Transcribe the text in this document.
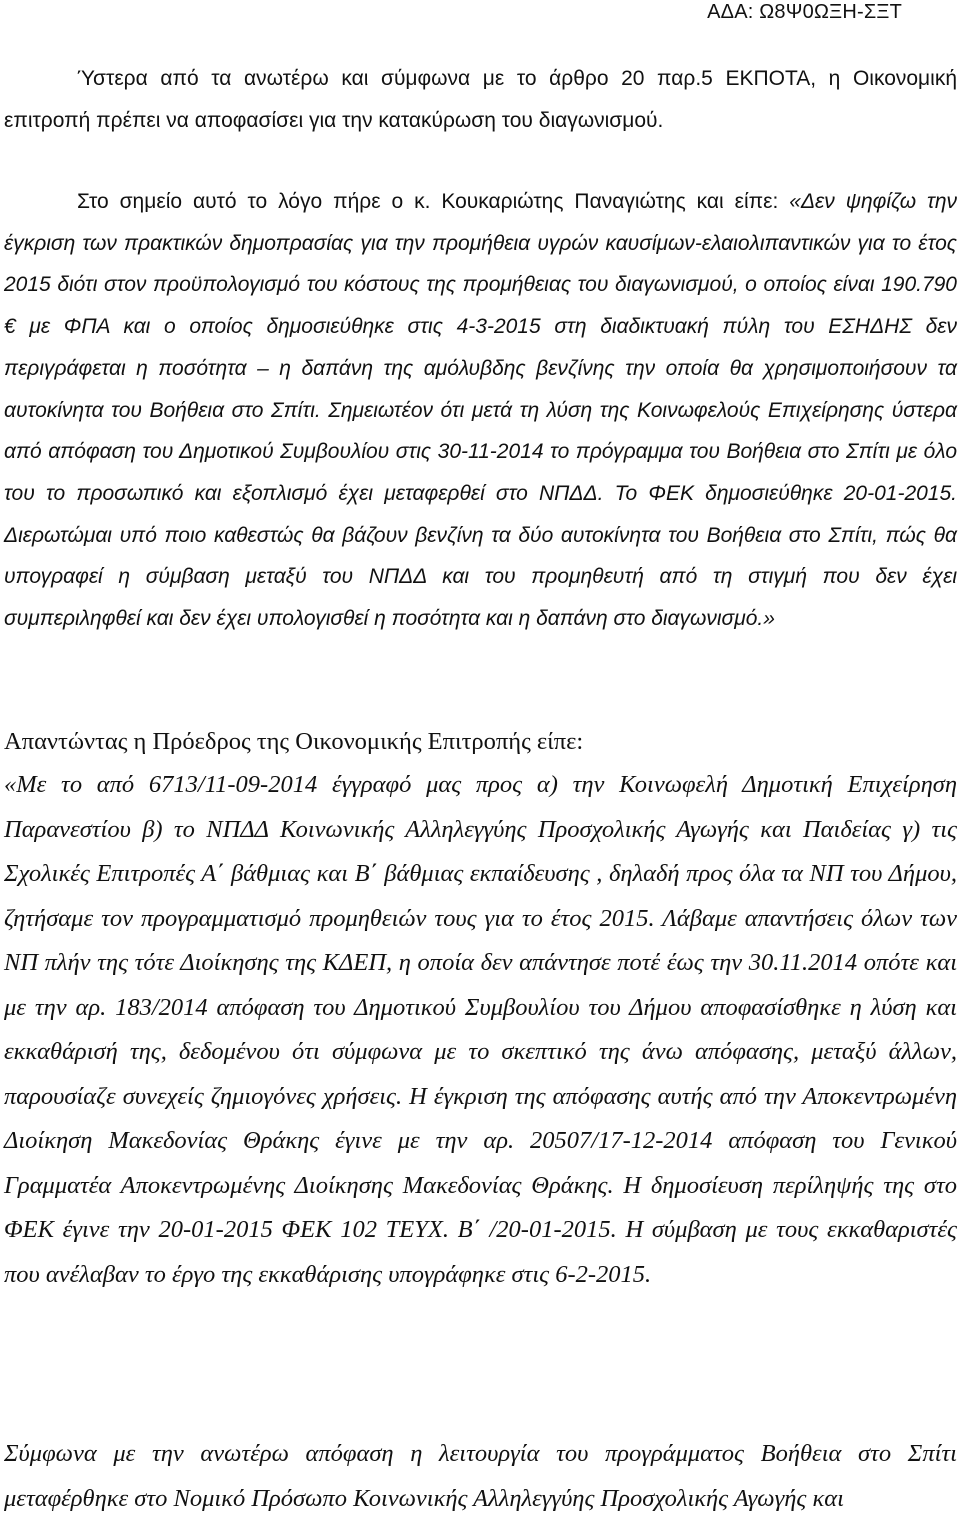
ΑΔΑ: Ω8Ψ0ΩΞΗ-ΣΞΤ

Ύστερα από τα ανωτέρω και σύμφωνα με το άρθρο 20 παρ.5 ΕΚΠΟΤΑ, η Οικονομική επιτροπή πρέπει να αποφασίσει για την κατακύρωση του διαγωνισμού.

Στο σημείο αυτό το λόγο πήρε ο κ. Κουκαριώτης Παναγιώτης και είπε: «Δεν ψηφίζω την έγκριση των πρακτικών δημοπρασίας για την προμήθεια υγρών καυσίμων-ελαιολιπαντικών για το έτος 2015 διότι στον προϋπολογισμό του κόστους της προμήθειας του διαγωνισμού, ο οποίος είναι 190.790 € με ΦΠΑ και ο οποίος δημοσιεύθηκε στις 4-3-2015 στη διαδικτυακή πύλη του ΕΣΗΔΗΣ δεν περιγράφεται η ποσότητα – η δαπάνη της αμόλυβδης βενζίνης την οποία θα χρησιμοποιήσουν τα αυτοκίνητα του Βοήθεια στο Σπίτι. Σημειωτέον ότι μετά τη λύση της Κοινωφελούς Επιχείρησης ύστερα από απόφαση του Δημοτικού Συμβουλίου στις 30-11-2014 το πρόγραμμα του Βοήθεια στο Σπίτι με όλο του το προσωπικό και εξοπλισμό έχει μεταφερθεί στο ΝΠΔΔ. Το ΦΕΚ δημοσιεύθηκε 20-01-2015. Διερωτώμαι υπό ποιο καθεστώς θα βάζουν βενζίνη τα δύο αυτοκίνητα του Βοήθεια στο Σπίτι, πώς θα υπογραφεί η σύμβαση μεταξύ του ΝΠΔΔ και του προμηθευτή από τη στιγμή που δεν έχει συμπεριληφθεί και δεν έχει υπολογισθεί η ποσότητα και η δαπάνη στο διαγωνισμό.»

Απαντώντας η Πρόεδρος της Οικονομικής Επιτροπής είπε:

«Με το από 6713/11-09-2014 έγγραφό μας προς α) την Κοινωφελή Δημοτική Επιχείρηση Παρανεστίου β) το ΝΠΔΔ Κοινωνικής Αλληλεγγύης Προσχολικής Αγωγής και Παιδείας γ) τις Σχολικές Επιτροπές Α΄ βάθμιας και Β΄ βάθμιας εκπαίδευσης , δηλαδή προς όλα τα ΝΠ του Δήμου, ζητήσαμε τον προγραμματισμό προμηθειών τους για το έτος 2015. Λάβαμε απαντήσεις όλων των ΝΠ πλήν της τότε Διοίκησης της ΚΔΕΠ, η οποία δεν απάντησε ποτέ έως την 30.11.2014 οπότε και με την αρ. 183/2014 απόφαση του Δημοτικού Συμβουλίου του Δήμου αποφασίσθηκε η λύση και εκκαθάρισή της, δεδομένου ότι σύμφωνα με το σκεπτικό της άνω απόφασης, μεταξύ άλλων, παρουσίαζε συνεχείς ζημιογόνες χρήσεις. Η έγκριση της απόφασης αυτής από την Αποκεντρωμένη Διοίκηση Μακεδονίας Θράκης έγινε με την αρ. 20507/17-12-2014 απόφαση του Γενικού Γραμματέα Αποκεντρωμένης Διοίκησης Μακεδονίας Θράκης. Η δημοσίευση περίληψής της στο ΦΕΚ έγινε την 20-01-2015 ΦΕΚ 102 ΤΕΥΧ. Β΄ /20-01-2015. Η σύμβαση με τους εκκαθαριστές που ανέλαβαν το έργο της εκκαθάρισης υπογράφηκε στις 6-2-2015.

Σύμφωνα με την ανωτέρω απόφαση η λειτουργία του προγράμματος Βοήθεια στο Σπίτι μεταφέρθηκε στο Νομικό Πρόσωπο Κοινωνικής Αλληλεγγύης Προσχολικής Αγωγής και
